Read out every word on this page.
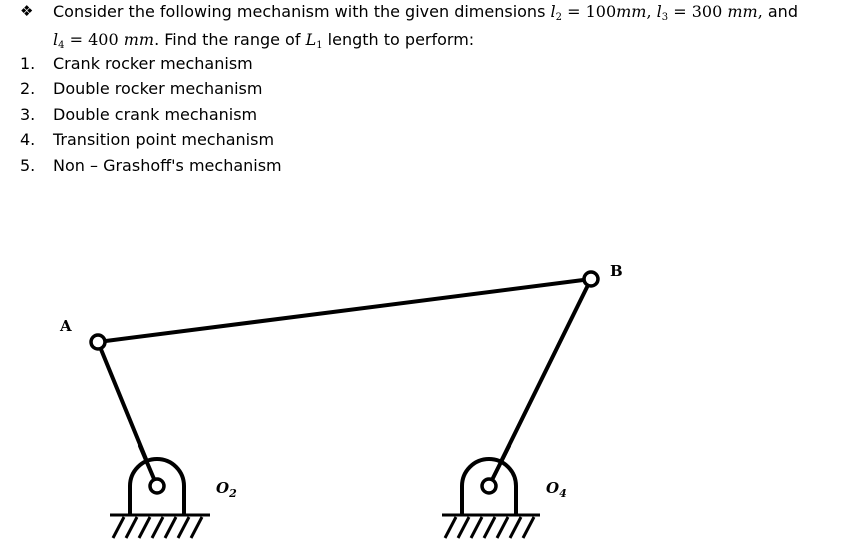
❖ Consider the following mechanism with the given dimensions $l_2 = 100mm$, $l_3 = 300$ mm, and
$l_4 = 400$ mm. Find the range of $L_1$ length to perform:
1. Crank rocker mechanism
2. Double rocker mechanism
3. Double crank mechanism
4. Transition point mechanism
5. Non – Grashoff's mechanism
A
B
$O_2$	$O_4$
